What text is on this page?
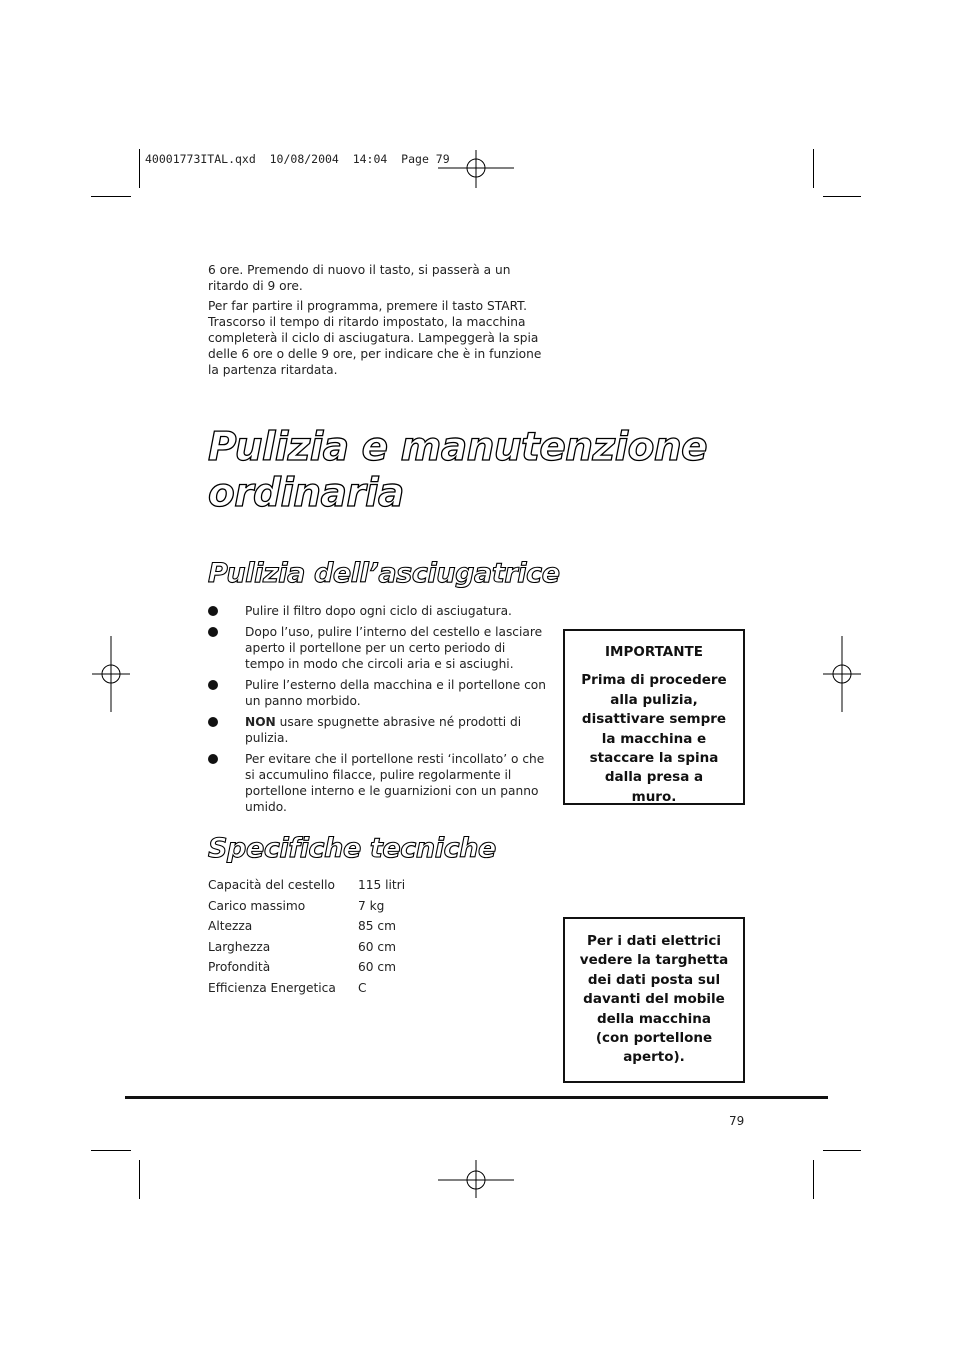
40001773ITAL.qxd  10/08/2004  14:04  Page 79

6 ore. Premendo di nuovo il tasto, si passerà a un ritardo di 9 ore.

Per far partire il programma, premere il tasto START. Trascorso il tempo di ritardo impostato, la macchina completerà il ciclo di asciugatura. Lampeggerà la spia delle 6 ore o delle 9 ore, per indicare che è in funzione la partenza ritardata.

Pulizia e manutenzione
ordinaria
Pulizia dell’asciugatrice
Pulire il filtro dopo ogni ciclo di asciugatura.
Dopo l’uso, pulire l’interno del cestello e lasciare aperto il portellone per un certo periodo di tempo in modo che circoli aria e si asciughi.
Pulire l’esterno della macchina e il portellone con un panno morbido.
NON usare spugnette abrasive né prodotti di pulizia.
Per evitare che il portellone resti ‘incollato’ o che si accumulino filacce, pulire regolarmente il portellone interno e le guarnizioni con un panno umido.

IMPORTANTE

Prima di procedere alla pulizia, disattivare sempre la macchina e staccare la spina dalla presa a muro.

Specifiche tecniche
Capacità del cestello	115 litri
Carico massimo	7 kg
Altezza	85 cm
Larghezza	60 cm
Profondità	60 cm
Efficienza Energetica	C

Per i dati elettrici vedere la targhetta dei dati posta sul davanti del mobile della macchina (con portellone aperto).

79
